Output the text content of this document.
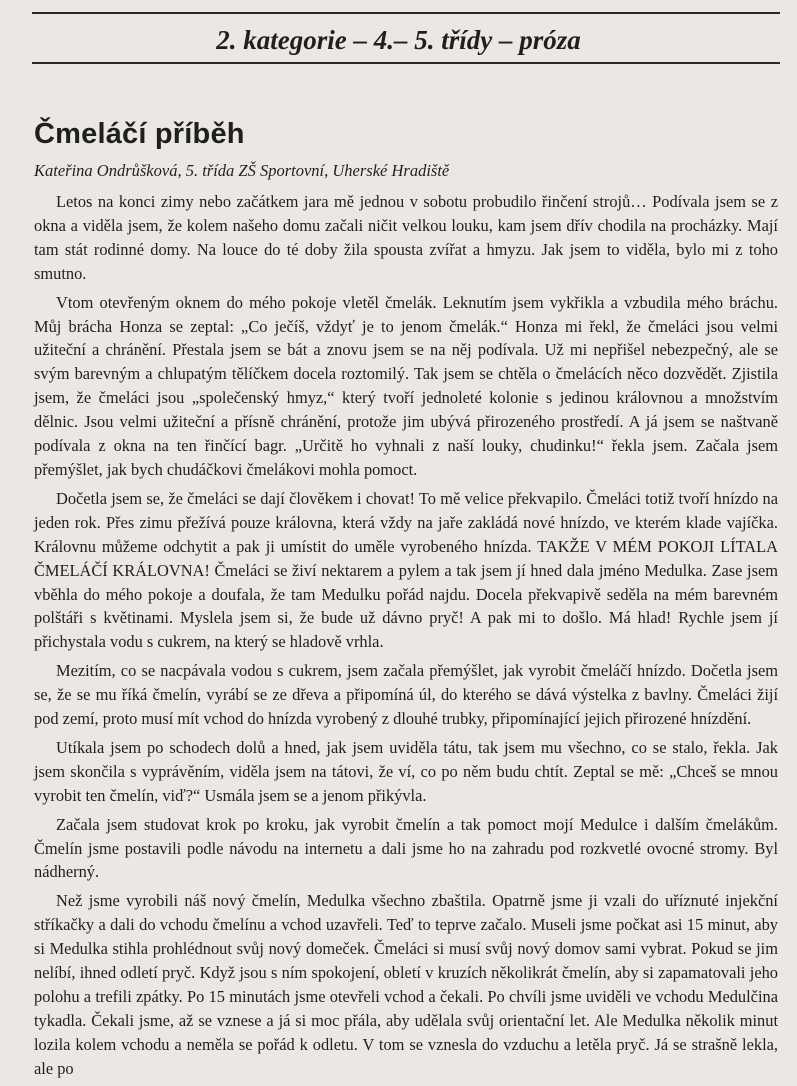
2. kategorie – 4.– 5. třídy – próza
Čmeláčí příběh
Kateřina Ondrůšková, 5. třída ZŠ Sportovní, Uherské Hradiště

Letos na konci zimy nebo začátkem jara mě jednou v sobotu probudilo řinčení strojů… Podívala jsem se z okna a viděla jsem, že kolem našeho domu začali ničit velkou louku, kam jsem dřív chodila na procházky. Mají tam stát rodinné domy. Na louce do té doby žila spousta zvířat a hmyzu. Jak jsem to viděla, bylo mi z toho smutno.

Vtom otevřeným oknem do mého pokoje vletěl čmelák. Leknutím jsem vykřikla a vzbudila mého bráchu. Můj brácha Honza se zeptal: „Co ječíš, vždyť je to jenom čmelák.“ Honza mi řekl, že čmeláci jsou velmi užiteční a chránění. Přestala jsem se bát a znovu jsem se na něj podívala. Už mi nepřišel nebezpečný, ale se svým barevným a chlupatým tělíčkem docela roztomilý. Tak jsem se chtěla o čmelácích něco dozvědět. Zjistila jsem, že čmeláci jsou „společenský hmyz,“ který tvoří jednoleté kolonie s jedinou královnou a množstvím dělnic. Jsou velmi užiteční a přísně chránění, protože jim ubývá přirozeného prostředí. A já jsem se naštvaně podívala z okna na ten řinčící bagr. „Určitě ho vyhnali z naší louky, chudinku!“ řekla jsem. Začala jsem přemýšlet, jak bych chudáčkovi čmelákovi mohla pomoct.

Dočetla jsem se, že čmeláci se dají člověkem i chovat! To mě velice překvapilo. Čmeláci totiž tvoří hnízdo na jeden rok. Přes zimu přežívá pouze královna, která vždy na jaře zakládá nové hnízdo, ve kterém klade vajíčka. Královnu můžeme odchytit a pak ji umístit do uměle vyrobeného hnízda. TAKŽE V MÉM POKOJI LÍTALA ČMELÁČÍ KRÁLOVNA! Čmeláci se živí nektarem a pylem a tak jsem jí hned dala jméno Medulka. Zase jsem vběhla do mého pokoje a doufala, že tam Medulku pořád najdu. Docela překvapivě seděla na mém barevném polštáři s květinami. Myslela jsem si, že bude už dávno pryč! A pak mi to došlo. Má hlad! Rychle jsem jí přichystala vodu s cukrem, na který se hladově vrhla.

Mezitím, co se nacpávala vodou s cukrem, jsem začala přemýšlet, jak vyrobit čmeláčí hnízdo. Dočetla jsem se, že se mu říká čmelín, vyrábí se ze dřeva a připomíná úl, do kterého se dává výstelka z bavlny. Čmeláci žijí pod zemí, proto musí mít vchod do hnízda vyrobený z dlouhé trubky, připomínající jejich přirozené hnízdění.

Utíkala jsem po schodech dolů a hned, jak jsem uviděla tátu, tak jsem mu všechno, co se stalo, řekla. Jak jsem skončila s vyprávěním, viděla jsem na tátovi, že ví, co po něm budu chtít. Zeptal se mě: „Chceš se mnou vyrobit ten čmelín, viď?“ Usmála jsem se a jenom přikývla.

Začala jsem studovat krok po kroku, jak vyrobit čmelín a tak pomoct mojí Medulce i dalším čmelákům. Čmelín jsme postavili podle návodu na internetu a dali jsme ho na zahradu pod rozkvetlé ovocné stromy. Byl nádherný.

Než jsme vyrobili náš nový čmelín, Medulka všechno zbaštila. Opatrně jsme ji vzali do uříznuté injekční stříkačky a dali do vchodu čmelínu a vchod uzavřeli. Teď to teprve začalo. Museli jsme počkat asi 15 minut, aby si Medulka stihla prohlédnout svůj nový domeček. Čmeláci si musí svůj nový domov sami vybrat. Pokud se jim nelíbí, ihned odletí pryč. Když jsou s ním spokojení, obletí v kruzích několikrát čmelín, aby si zapamatovali jeho polohu a trefili zpátky. Po 15 minutách jsme otevřeli vchod a čekali. Po chvíli jsme uviděli ve vchodu Medulčina tykadla. Čekali jsme, až se vznese a já si moc přála, aby udělala svůj orientační let. Ale Medulka několik minut lozila kolem vchodu a neměla se pořád k odletu. V tom se vznesla do vzduchu a letěla pryč. Já se strašně lekla, ale po
